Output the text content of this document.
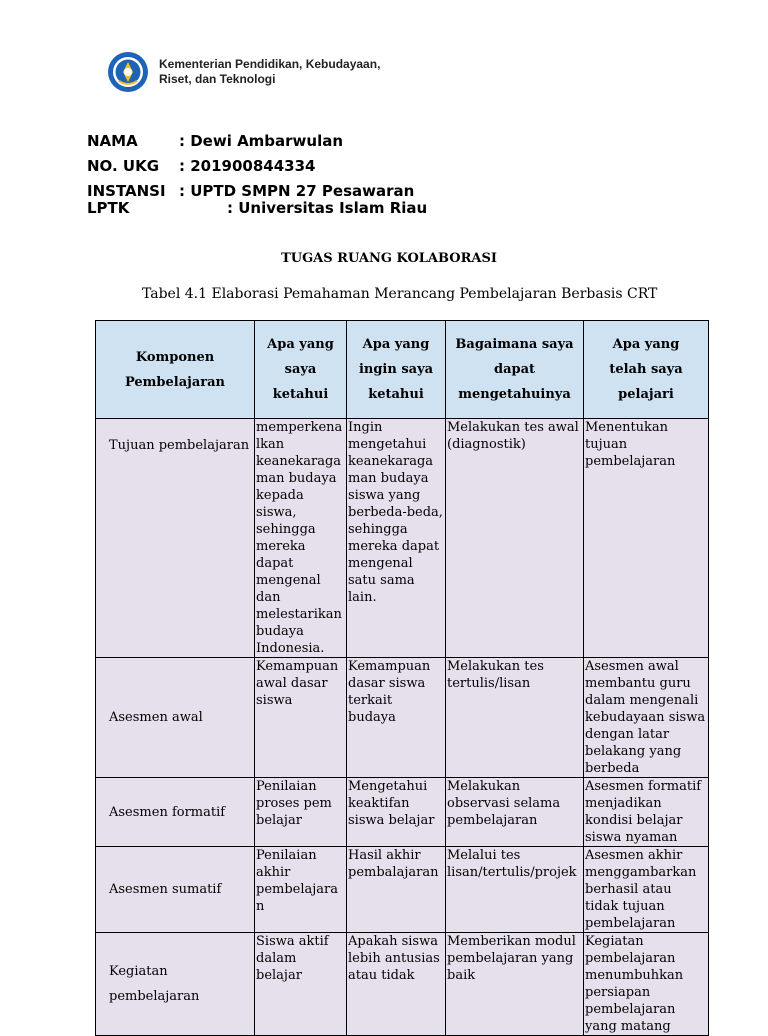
Kementerian Pendidikan, Kebudayaan,
Riset, dan Teknologi
NAMA	: Dewi Ambarwulan
NO. UKG : 201900844334
INSTANSI : UPTD SMPN 27 Pesawaran
LPTK	: Universitas Islam Riau
TUGAS RUANG KOLABORASI
Tabel 4.1 Elaborasi Pemahaman Merancang Pembelajaran Berbasis CRT
Komponen Pembelajaran	Apa yang saya ketahui	Apa yang ingin saya ketahui	Bagaimana saya dapat mengetahuinya	Apa yang telah saya pelajari
Tujuan pembelajaran	memperkenalkan keanekaragaman budaya kepada siswa, sehingga mereka dapat mengenal dan melestarikan budaya Indonesia.	Ingin mengetahui keanekaragaman budaya siswa yang berbeda-beda, sehingga mereka dapat mengenal satu sama lain.	Melakukan tes awal (diagnostik)	Menentukan tujuan pembelajaran
Asesmen awal	Kemampuan awal dasar siswa	Kemampuan dasar siswa terkait budaya	Melakukan tes tertulis/lisan	Asesmen awal membantu guru dalam mengenali kebudayaan siswa dengan latar belakang yang berbeda
Asesmen formatif	Penilaian proses pem belajar	Mengetahui keaktifan siswa belajar	Melakukan observasi selama pembelajaran	Asesmen formatif menjadikan kondisi belajar siswa nyaman
Asesmen sumatif	Penilaian akhir pembelajaran	Hasil akhir pembalajaran	Melalui tes lisan/tertulis/projek	Asesmen akhir menggambarkan berhasil atau tidak tujuan pembelajaran
Kegiatan pembelajaran	Siswa aktif dalam belajar	Apakah siswa lebih antusias atau tidak	Memberikan modul pembelajaran yang baik	Kegiatan pembelajaran menumbuhkan persiapan pembelajaran yang matang
